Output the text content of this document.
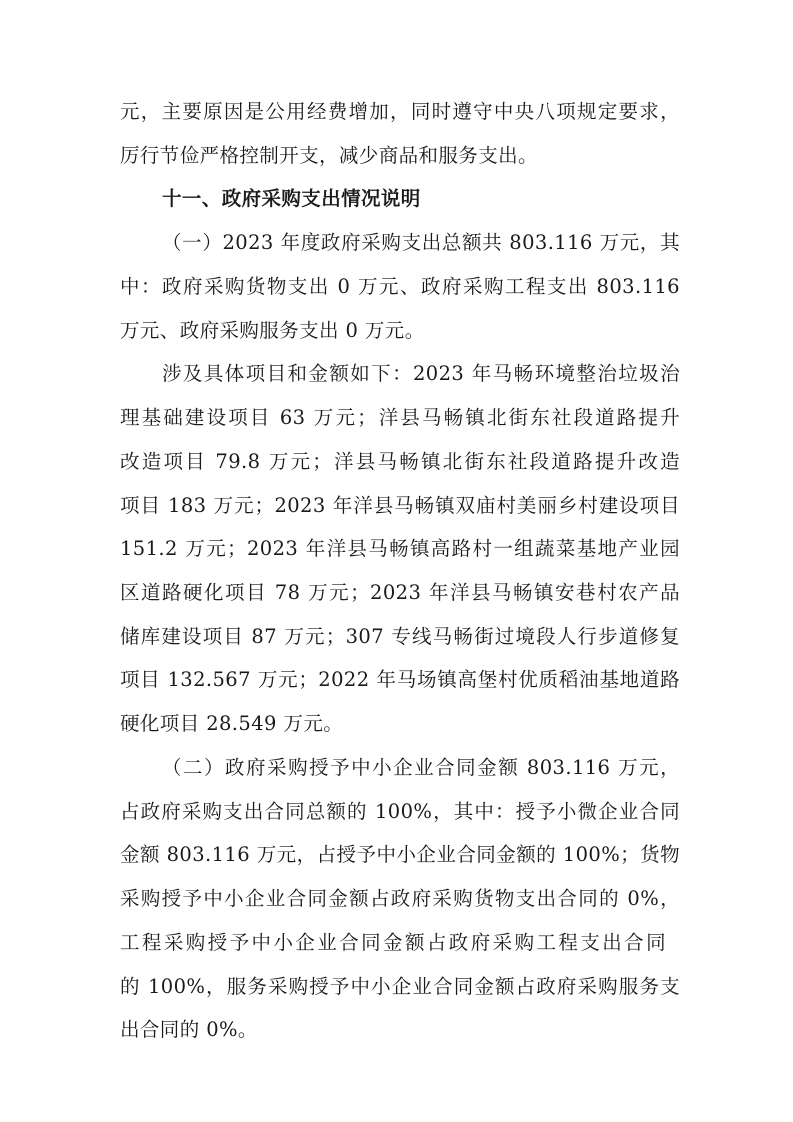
元，主要原因是公用经费增加，同时遵守中央八项规定要求，
厉行节俭严格控制开支，减少商品和服务支出。
十一、政府采购支出情况说明
（一）2023 年度政府采购支出总额共 803.116 万元，其
中：政府采购货物支出 0 万元、政府采购工程支出 803.116
万元、政府采购服务支出 0 万元。
涉及具体项目和金额如下：2023 年马畅环境整治垃圾治
理基础建设项目 63 万元；洋县马畅镇北街东社段道路提升
改造项目 79.8 万元；洋县马畅镇北街东社段道路提升改造
项目 183 万元；2023 年洋县马畅镇双庙村美丽乡村建设项目
151.2 万元；2023 年洋县马畅镇高路村一组蔬菜基地产业园
区道路硬化项目 78 万元；2023 年洋县马畅镇安巷村农产品
储库建设项目 87 万元；307 专线马畅街过境段人行步道修复
项目 132.567 万元；2022 年马场镇高堡村优质稻油基地道路
硬化项目 28.549 万元。
（二）政府采购授予中小企业合同金额 803.116 万元，
占政府采购支出合同总额的 100%，其中：授予小微企业合同
金额 803.116 万元，占授予中小企业合同金额的 100%；货物
采购授予中小企业合同金额占政府采购货物支出合同的 0%，
工程采购授予中小企业合同金额占政府采购工程支出合同
的 100%，服务采购授予中小企业合同金额占政府采购服务支
出合同的 0%。
